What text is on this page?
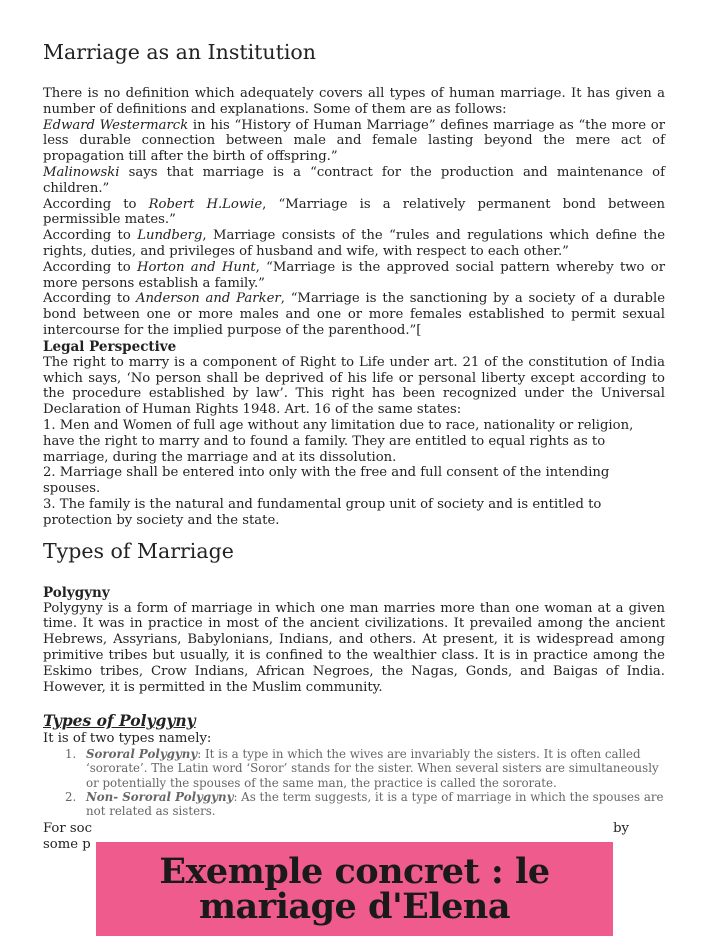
Marriage as an Institution

There is no definition which adequately covers all types of human marriage. It has given a number of definitions and explanations. Some of them are as follows:

Edward Westermarck in his “History of Human Marriage” defines marriage as “the more or less durable connection between male and female lasting beyond the mere act of propagation till after the birth of offspring.”

Malinowski says that marriage is a “contract for the production and maintenance of children.”

According to Robert H.Lowie, “Marriage is a relatively permanent bond between permissible mates.”

According to Lundberg, Marriage consists of the “rules and regulations which define the rights, duties, and privileges of husband and wife, with respect to each other.”

According to Horton and Hunt, “Marriage is the approved social pattern whereby two or more persons establish a family.”

According to Anderson and Parker, “Marriage is the sanctioning by a society of a durable bond between one or more males and one or more females established to permit sexual intercourse for the implied purpose of the parenthood.”[

Legal Perspective

The right to marry is a component of Right to Life under art. 21 of the constitution of India which says, ‘No person shall be deprived of his life or personal liberty except according to the procedure established by law’. This right has been recognized under the Universal Declaration of Human Rights 1948. Art. 16 of the same states:

1. Men and Women of full age without any limitation due to race, nationality or religion, have the right to marry and to found a family. They are entitled to equal rights as to marriage, during the marriage and at its dissolution.

2. Marriage shall be entered into only with the free and full consent of the intending spouses.

3. The family is the natural and fundamental group unit of society and is entitled to protection by society and the state.

Types of Marriage

Polygyny

Polygyny is a form of marriage in which one man marries more than one woman at a given time. It was in practice in most of the ancient civilizations. It prevailed among the ancient Hebrews, Assyrians, Babylonians, Indians, and others. At present, it is widespread among primitive tribes but usually, it is confined to the wealthier class. It is in practice among the Eskimo tribes, Crow Indians, African Negroes, the Nagas, Gonds, and Baigas of India. However, it is permitted in the Muslim community.

Types of Polygyny

It is of two types namely:

1. Sororal Polygyny: It is a type in which the wives are invariably the sisters. It is often called ‘sororate’. The Latin word ‘Soror’ stands for the sister. When several sisters are simultaneously or potentially the spouses of the same man, the practice is called the sororate.
2. Non- Sororal Polygyny: As the term suggests, it is a type of marriage in which the spouses are not related as sisters.
For soc
some p
by
Exemple concret : le
mariage d'Elena
